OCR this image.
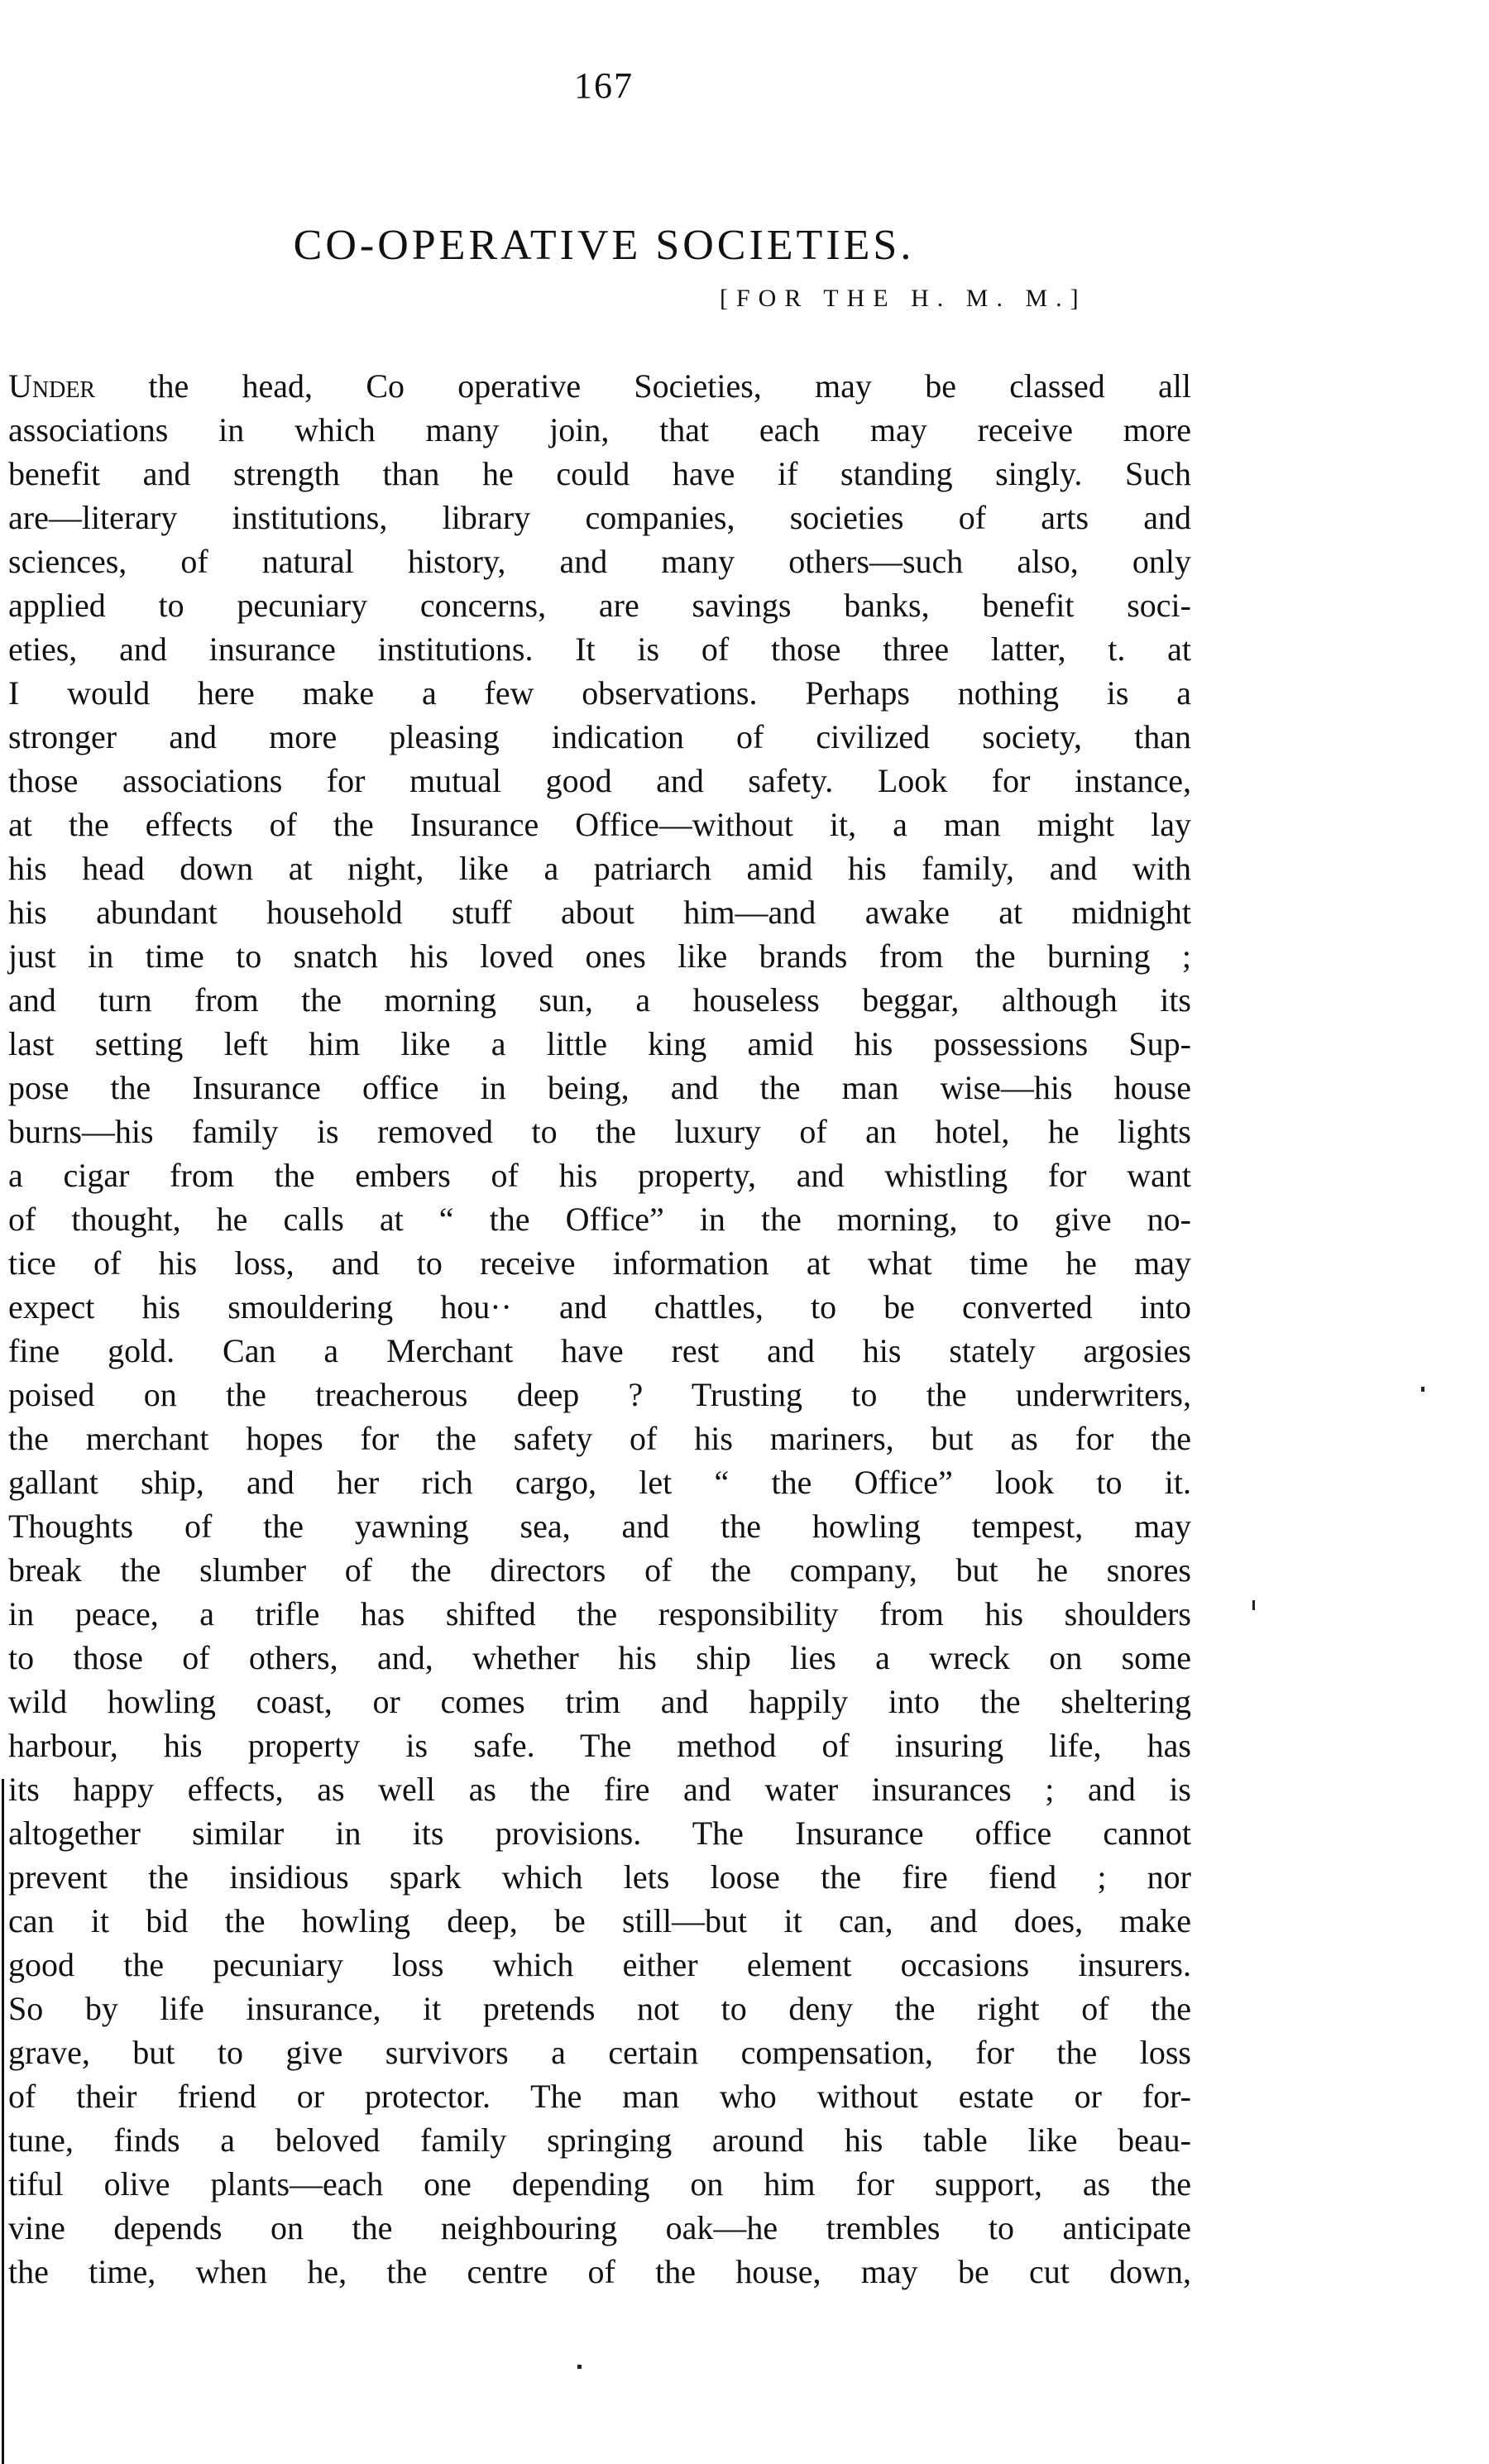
167
CO-OPERATIVE SOCIETIES.
[FOR THE H. M. M.]
Under the head, Co operative Societies, may be classed all
associations in which many join, that each may receive more
benefit and strength than he could have if standing singly. Such
are—literary institutions, library companies, societies of arts and
sciences, of natural history, and many others—such also, only
applied to pecuniary concerns, are savings banks, benefit soci-
eties, and insurance institutions. It is of those three latter, t. at
I would here make a few observations. Perhaps nothing is a
stronger and more pleasing indication of civilized society, than
those associations for mutual good and safety. Look for instance,
at the effects of the Insurance Office—without it, a man might lay
his head down at night, like a patriarch amid his family, and with
his abundant household stuff about him—and awake at midnight
just in time to snatch his loved ones like brands from the burning ;
and turn from the morning sun, a houseless beggar, although its
last setting left him like a little king amid his possessions Sup-
pose the Insurance office in being, and the man wise—his house
burns—his family is removed to the luxury of an hotel, he lights
a cigar from the embers of his property, and whistling for want
of thought, he calls at “ the Office” in the morning, to give no-
tice of his loss, and to receive information at what time he may
expect his smouldering hou·· and chattles, to be converted into
fine gold. Can a Merchant have rest and his stately argosies
poised on the treacherous deep ? Trusting to the underwriters,
the merchant hopes for the safety of his mariners, but as for the
gallant ship, and her rich cargo, let “ the Office” look to it.
Thoughts of the yawning sea, and the howling tempest, may
break the slumber of the directors of the company, but he snores
in peace, a trifle has shifted the responsibility from his shoulders
to those of others, and, whether his ship lies a wreck on some
wild howling coast, or comes trim and happily into the sheltering
harbour, his property is safe. The method of insuring life, has
its happy effects, as well as the fire and water insurances ; and is
altogether similar in its provisions. The Insurance office cannot
prevent the insidious spark which lets loose the fire fiend ; nor
can it bid the howling deep, be still—but it can, and does, make
good the pecuniary loss which either element occasions insurers.
So by life insurance, it pretends not to deny the right of the
grave, but to give survivors a certain compensation, for the loss
of their friend or protector. The man who without estate or for-
tune, finds a beloved family springing around his table like beau-
tiful olive plants—each one depending on him for support, as the
vine depends on the neighbouring oak—he trembles to anticipate
the time, when he, the centre of the house, may be cut down,
